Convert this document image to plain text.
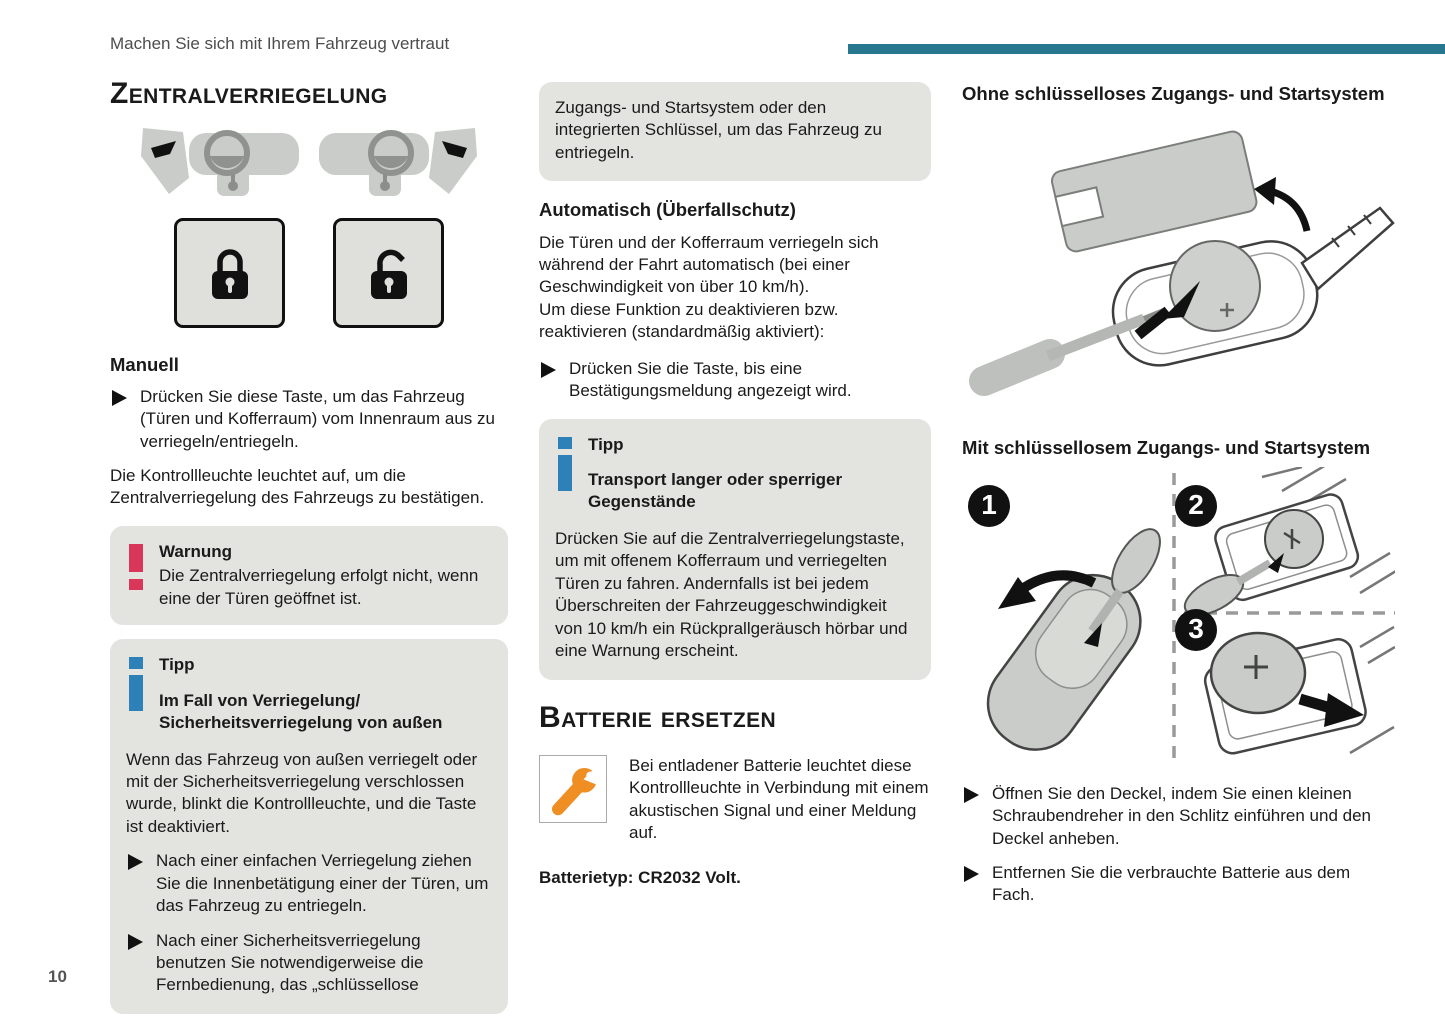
Machen Sie sich mit Ihrem Fahrzeug vertraut
Zentralverriegelung
Manuell
Drücken Sie diese Taste, um das Fahrzeug (Türen und Kofferraum) vom Innenraum aus zu verriegeln/entriegeln.

Die Kontrollleuchte leuchtet auf, um die Zentralverriegelung des Fahrzeugs zu bestätigen.

Warnung
Die Zentralverriegelung erfolgt nicht, wenn eine der Türen geöffnet ist.
Tipp
Im Fall von Verriegelung/ Sicherheitsverriegelung von außen

Wenn das Fahrzeug von außen verriegelt oder mit der Sicherheitsverriegelung verschlossen wurde, blinkt die Kontrollleuchte, und die Taste ist deaktiviert.

Nach einer einfachen Verriegelung ziehen Sie die Innenbetätigung einer der Türen, um das Fahrzeug zu entriegeln.
Nach einer Sicherheitsverriegelung benutzen Sie notwendigerweise die Fernbedienung, das „schlüssellose

Zugangs- und Startsystem oder den integrierten Schlüssel, um das Fahrzeug zu entriegeln.

Automatisch (Überfallschutz)

Die Türen und der Kofferraum verriegeln sich während der Fahrt automatisch (bei einer Geschwindigkeit von über 10 km/h).

Um diese Funktion zu deaktivieren bzw. reaktivieren (standardmäßig aktiviert):

Drücken Sie die Taste, bis eine Bestätigungsmeldung angezeigt wird.
Tipp
Transport langer oder sperriger Gegenstände

Drücken Sie auf die Zentralverriegelungstaste, um mit offenem Kofferraum und verriegelten Türen zu fahren. Andernfalls ist bei jedem Überschreiten der Fahrzeuggeschwindigkeit von 10 km/h ein Rückprallgeräusch hörbar und eine Warnung erscheint.

Batterie ersetzen
Bei entladener Batterie leuchtet diese Kontrollleuchte in Verbindung mit einem akustischen Signal und einer Meldung auf.
Batterietyp: CR2032 Volt.
Ohne schlüsselloses Zugangs- und Startsystem
Mit schlüssellosem Zugangs- und Startsystem
1	2
3
Öffnen Sie den Deckel, indem Sie einen kleinen Schraubendreher in den Schlitz einführen und den Deckel anheben.
Entfernen Sie die verbrauchte Batterie aus dem Fach.
10
